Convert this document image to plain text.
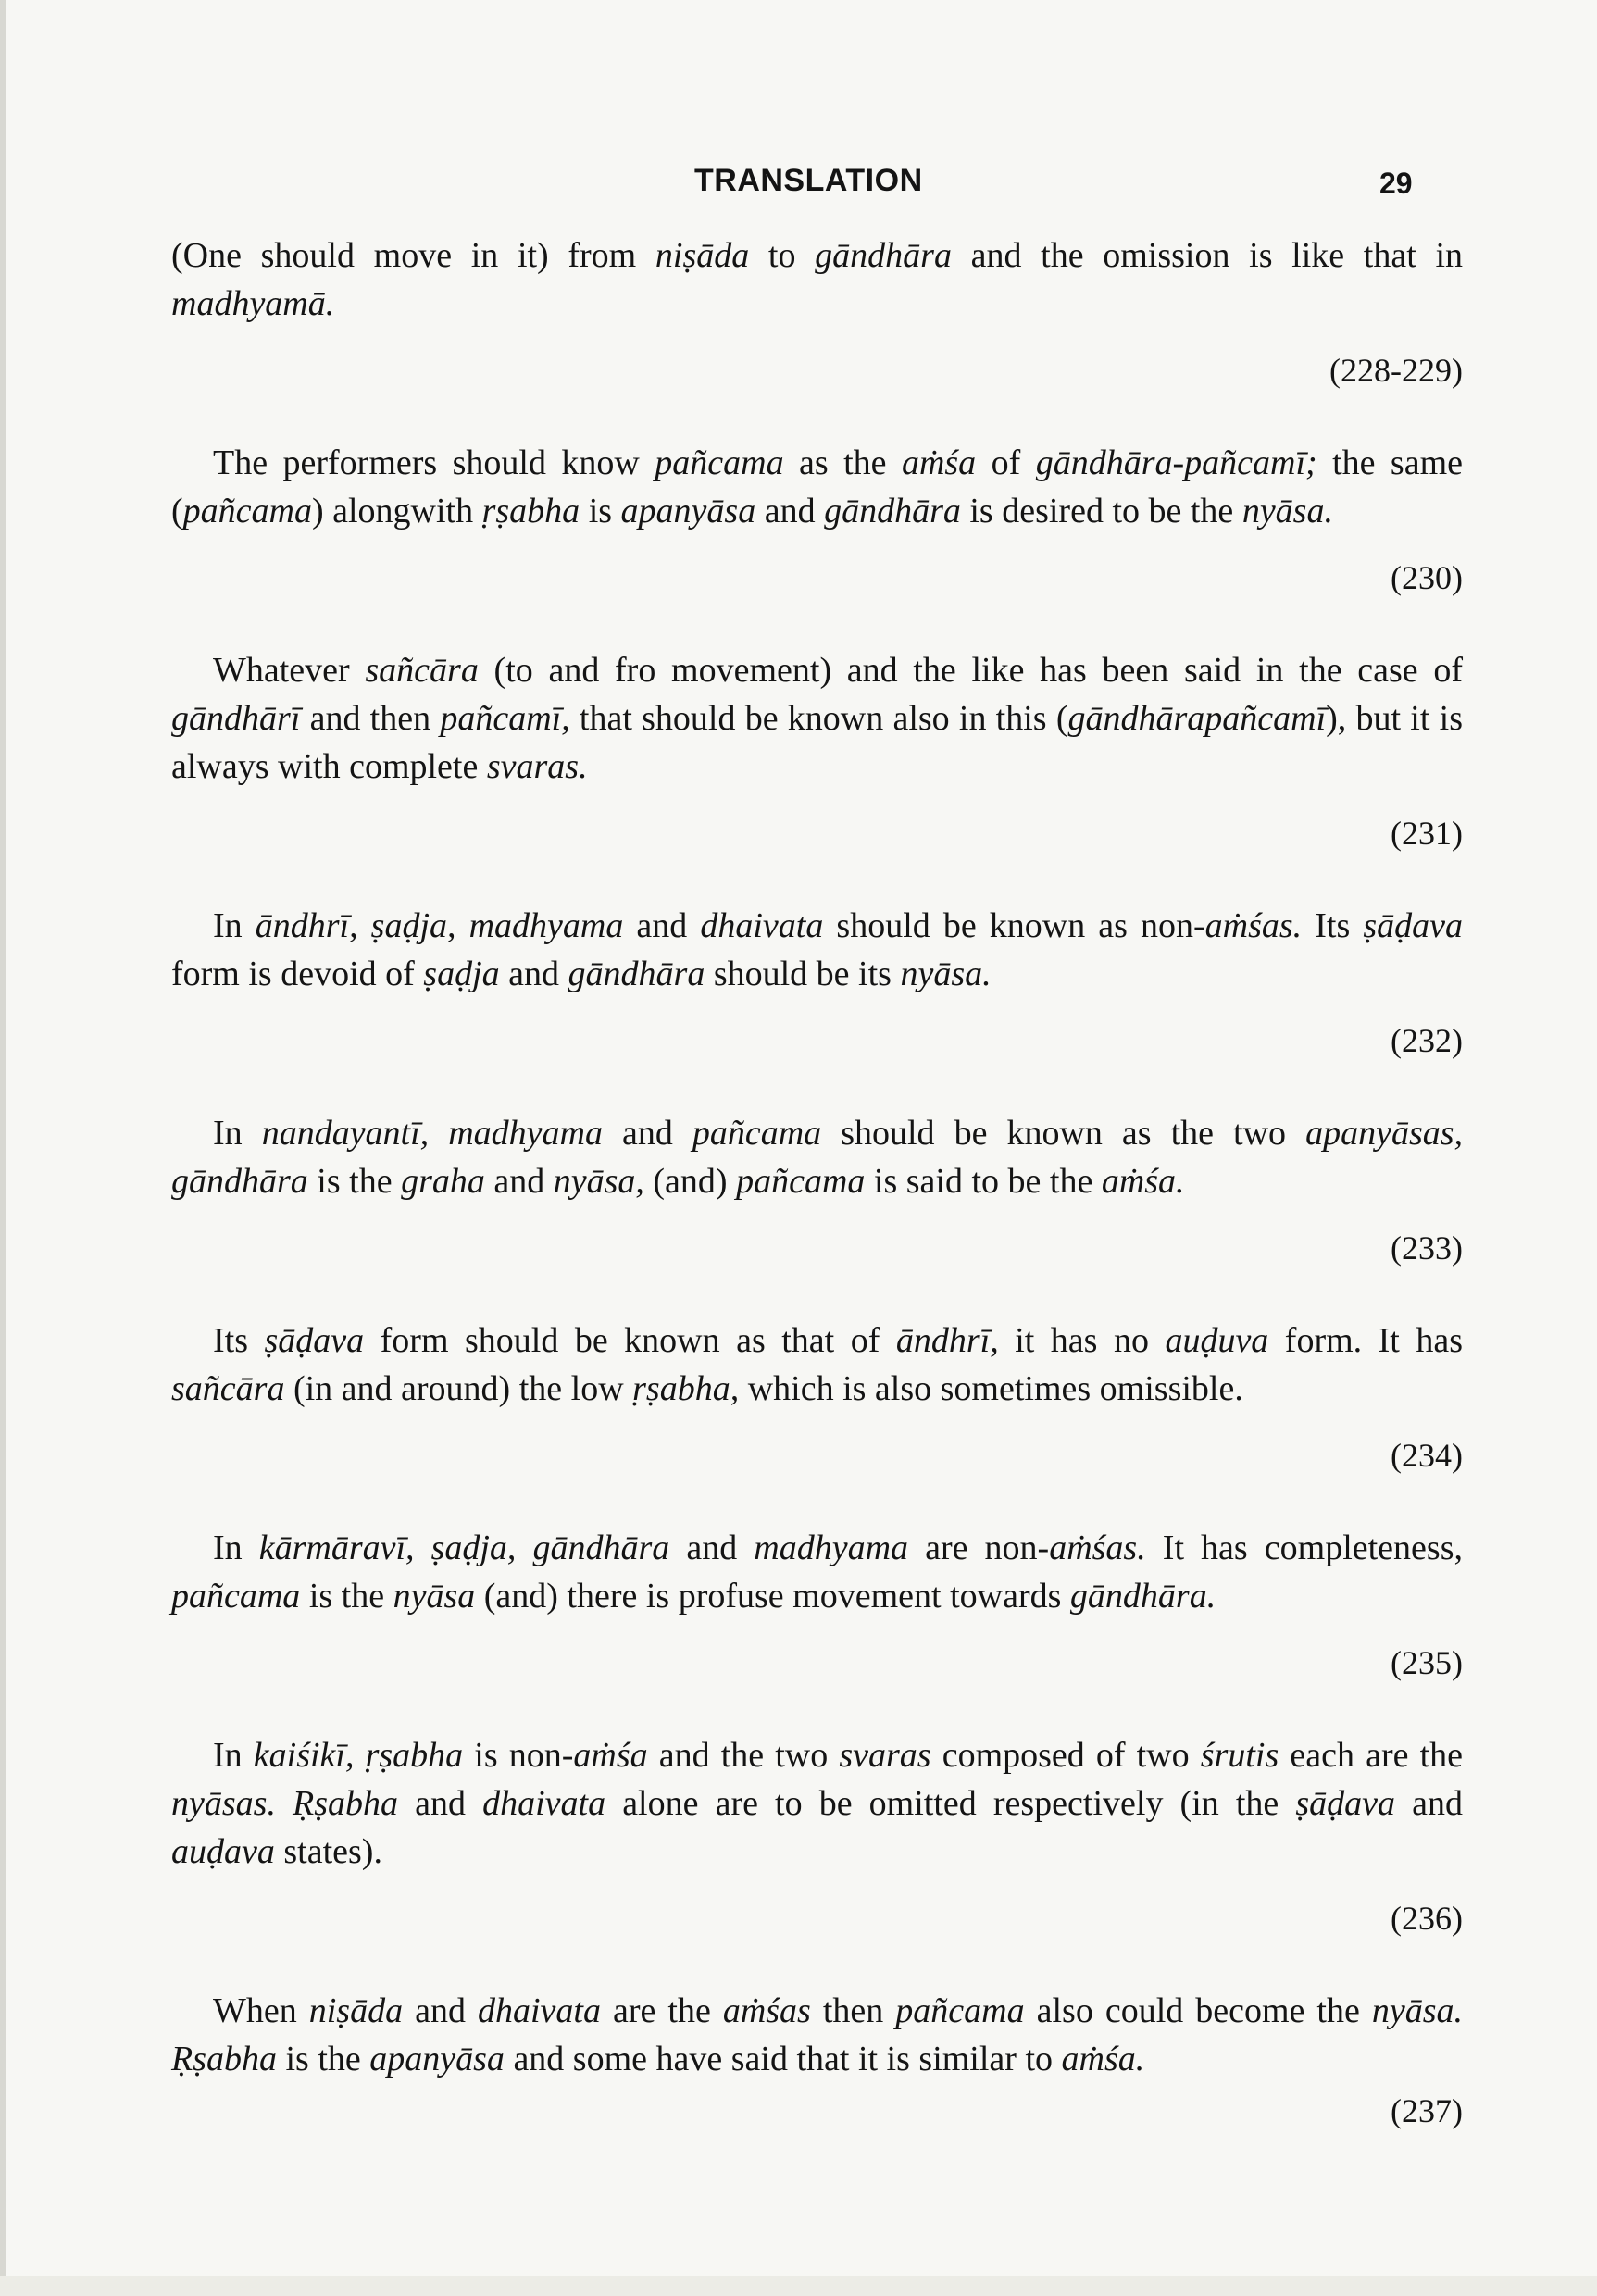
TRANSLATION	29

(One should move in it) from niṣāda to gāndhāra and the omission is like that in madhyamā.

(228-229)

The performers should know pañcama as the aṁśa of gāndhāra-pañcamī; the same (pañcama) alongwith ṛṣabha is apanyāsa and gāndhāra is desired to be the nyāsa.

(230)

Whatever sañcāra (to and fro movement) and the like has been said in the case of gāndhārī and then pañcamī, that should be known also in this (gāndhārapañcamī), but it is always with complete svaras.

(231)

In āndhrī, ṣaḍja, madhyama and dhaivata should be known as non-aṁśas. Its ṣāḍava form is devoid of ṣaḍja and gāndhāra should be its nyāsa.

(232)

In nandayantī, madhyama and pañcama should be known as the two apanyāsas, gāndhāra is the graha and nyāsa, (and) pañcama is said to be the aṁśa.

(233)

Its ṣāḍava form should be known as that of āndhrī, it has no auḍuva form. It has sañcāra (in and around) the low ṛṣabha, which is also sometimes omissible.

(234)

In kārmāravī, ṣaḍja, gāndhāra and madhyama are non-aṁśas. It has completeness, pañcama is the nyāsa (and) there is profuse movement towards gāndhāra.

(235)

In kaiśikī, ṛṣabha is non-aṁśa and the two svaras composed of two śrutis each are the nyāsas. Ṛṣabha and dhaivata alone are to be omitted respectively (in the ṣāḍava and auḍava states).

(236)

When niṣāda and dhaivata are the aṁśas then pañcama also could become the nyāsa. Ṛṣabha is the apanyāsa and some have said that it is similar to aṁśa.

(237)
